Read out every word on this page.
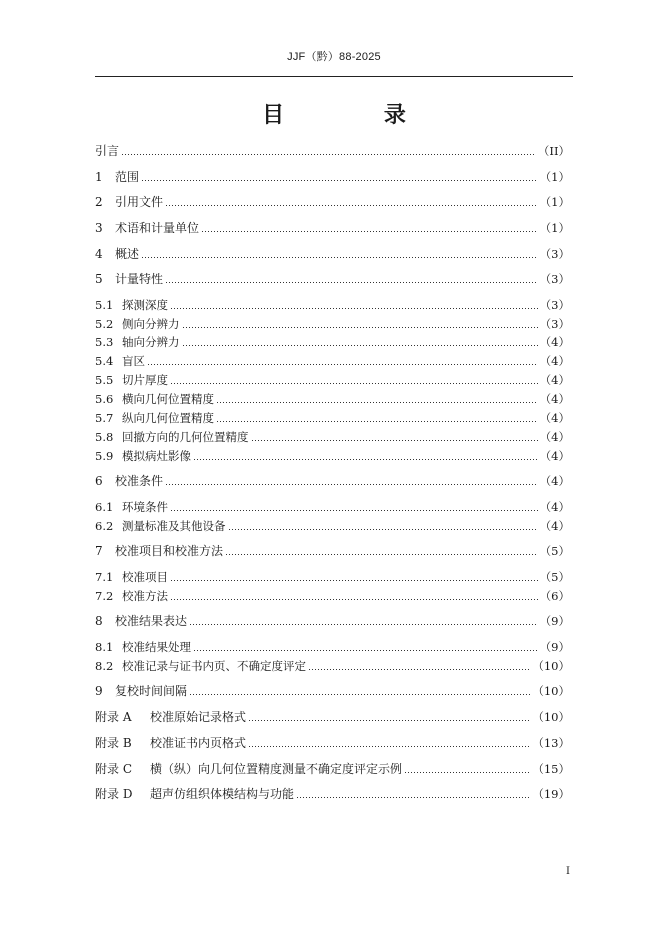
JJF（黔）88-2025
目 录
引言	（II）
1	范围	（1）
2	引用文件	（1）
3	术语和计量单位	（1）
4	概述	（3）
5	计量特性	（3）
5.1 探测深度	（3）
5.2 侧向分辨力	（3）
5.3 轴向分辨力	（4）
5.4 盲区	（4）
5.5 切片厚度	（4）
5.6 横向几何位置精度	（4）
5.7 纵向几何位置精度	（4）
5.8 回撤方向的几何位置精度	（4）
5.9 模拟病灶影像	（4）
6	校准条件	（4）
6.1 环境条件	（4）
6.2 测量标准及其他设备	（4）
7	校准项目和校准方法	（5）
7.1 校准项目	（5）
7.2 校准方法	（6）
8	校准结果表达	（9）
8.1 校准结果处理	（9）
8.2 校准记录与证书内页、不确定度评定	（10）
9	复校时间间隔	（10）
附录 A	校准原始记录格式	（10）
附录 B	校准证书内页格式	（13）
附录 C	横（纵）向几何位置精度测量不确定度评定示例	（15）
附录 D	超声仿组织体模结构与功能	（19）
I
